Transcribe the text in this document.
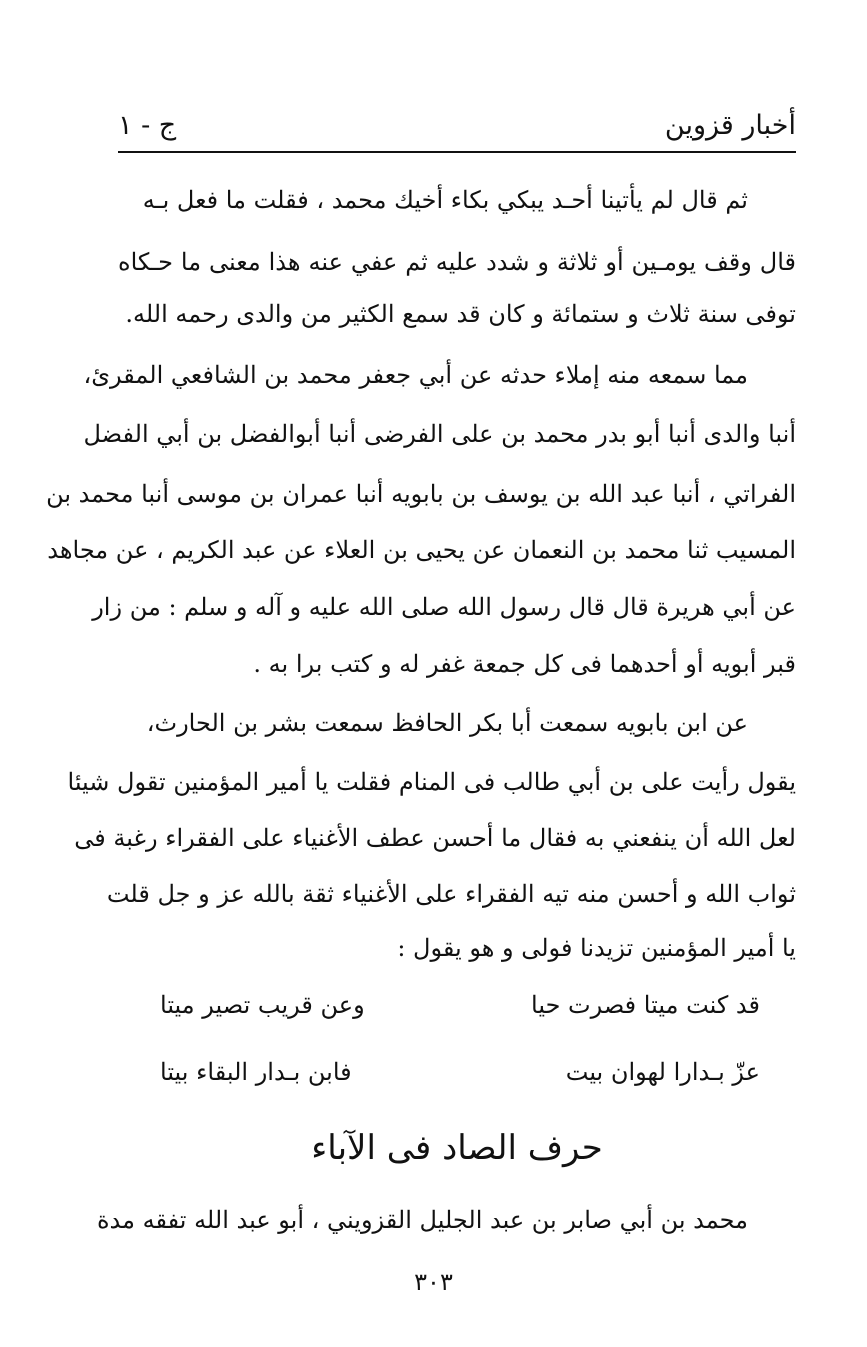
أخبار قزوين
ج - ١
ثم قال لم يأتينا أحـد يبكي بكاء أخيك محمد ، فقلت ما فعل بـه
قال وقف يومـين أو ثلاثة و شدد عليه ثم عفي عنه هذا معنى ما حـكاه
توفى سنة ثلاث و ستمائة و كان قد سمع الكثير من والدى رحمه الله.
مما سمعه منه إملاء حدثه عن أبي جعفر محمد بن الشافعي المقرئ،
أنبا والدى أنبا أبو بدر محمد بن على الفرضى أنبا أبوالفضل بن أبي الفضل
الفراتي ، أنبا عبد الله بن يوسف بن بابويه أنبا عمران بن موسى أنبا محمد بن
المسيب ثنا محمد بن النعمان عن يحيى بن العلاء عن عبد الكريم ، عن مجاهد
عن أبي هريرة قال قال رسول الله صلى الله عليه و آله و سلم : من زار
قبر أبويه أو أحدهما فى كل جمعة غفر له و كتب برا به .
عن ابن بابويه سمعت أبا بكر الحافظ سمعت بشر بن الحارث،
يقول رأيت على بن أبي طالب فى المنام فقلت يا أمير المؤمنين تقول شيئا
لعل الله أن ينفعني به فقال ما أحسن عطف الأغنياء على الفقراء رغبة فى
ثواب الله و أحسن منه تيه الفقراء على الأغنياء ثقة بالله عز و جل قلت
يا أمير المؤمنين تزيدنا فولى و هو يقول :
قد كنت ميتا فصرت حيا
وعن قريب تصير ميتا
عزّ بـدارا لهوان بيت
فابن بـدار البقاء بيتا
حرف الصاد فى الآباء
محمد بن أبي صابر بن عبد الجليل القزويني ، أبو عبد الله تفقه مدة
٣٠٣
